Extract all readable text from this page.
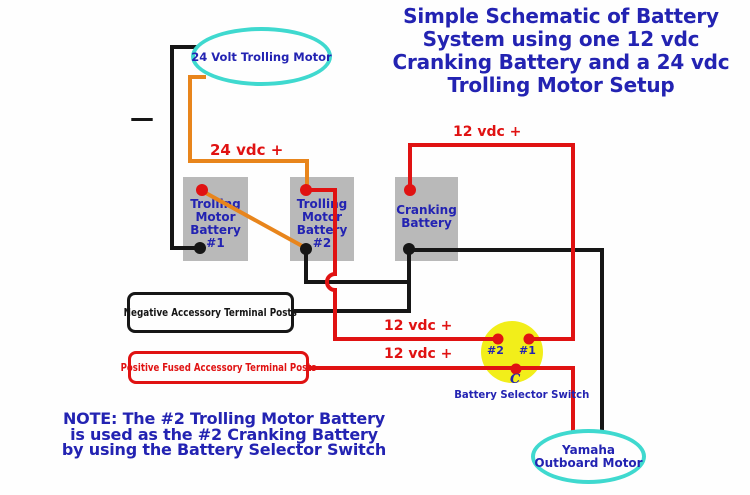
Simple Schematic of Battery
System using one 12 vdc
Cranking Battery and a 24 vdc
Trolling Motor Setup
24 Volt Trolling Motor
—
Trolling
Motor
Battery
#1
Trolling
Motor
Battery
#2
Cranking
Battery
24 vdc +
12 vdc +
12 vdc +
12 vdc +
Negative Accessory Terminal Posts
Positive Fused Accessory Terminal Posts
#2 #1
C
Battery Selector Switch
Yamaha
Outboard Motor
NOTE: The #2 Trolling Motor Battery
is used as the #2 Cranking Battery
by using the Battery Selector Switch
